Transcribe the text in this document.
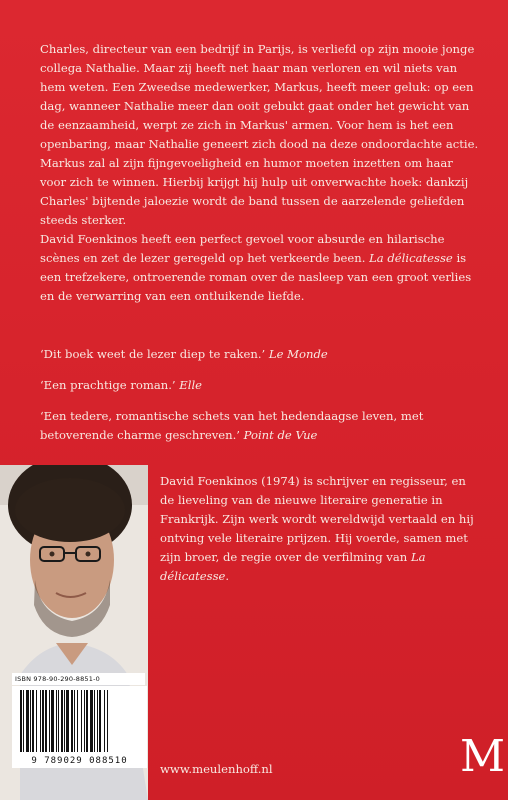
Charles, directeur van een bedrijf in Parijs, is verliefd op zijn mooie jonge collega Nathalie. Maar zij heeft net haar man verloren en wil niets van hem weten. Een Zweedse medewerker, Markus, heeft meer geluk: op een dag, wanneer Nathalie meer dan ooit gebukt gaat onder het gewicht van de eenzaamheid, werpt ze zich in Markus' armen. Voor hem is het een openbaring, maar Nathalie geneert zich dood na deze ondoordachte actie.

Markus zal al zijn fijngevoeligheid en humor moeten inzetten om haar voor zich te winnen. Hierbij krijgt hij hulp uit onverwachte hoek: dankzij Charles' bijtende jaloezie wordt de band tussen de aarzelende geliefden steeds sterker.

David Foenkinos heeft een perfect gevoel voor absurde en hilarische scènes en zet de lezer geregeld op het verkeerde been. La délicatesse is een trefzekere, ontroerende roman over de nasleep van een groot verlies en de verwarring van een ontluikende liefde.

‘Dit boek weet de lezer diep te raken.’ Le Monde

‘Een prachtige roman.’ Elle

‘Een tedere, romantische schets van het hedendaagse leven, met betoverende charme geschreven.’ Point de Vue

David Foenkinos (1974) is schrijver en regisseur, en de lieveling van de nieuwe literaire generatie in Frankrijk. Zijn werk wordt wereldwijd vertaald en hij ontving vele literaire prijzen. Hij voerde, samen met zijn broer, de regie over de verfilming van La délicatesse.

ISBN 978-90-290-8851-0
9 789029 088510
www.meulenhoff.nl	M
